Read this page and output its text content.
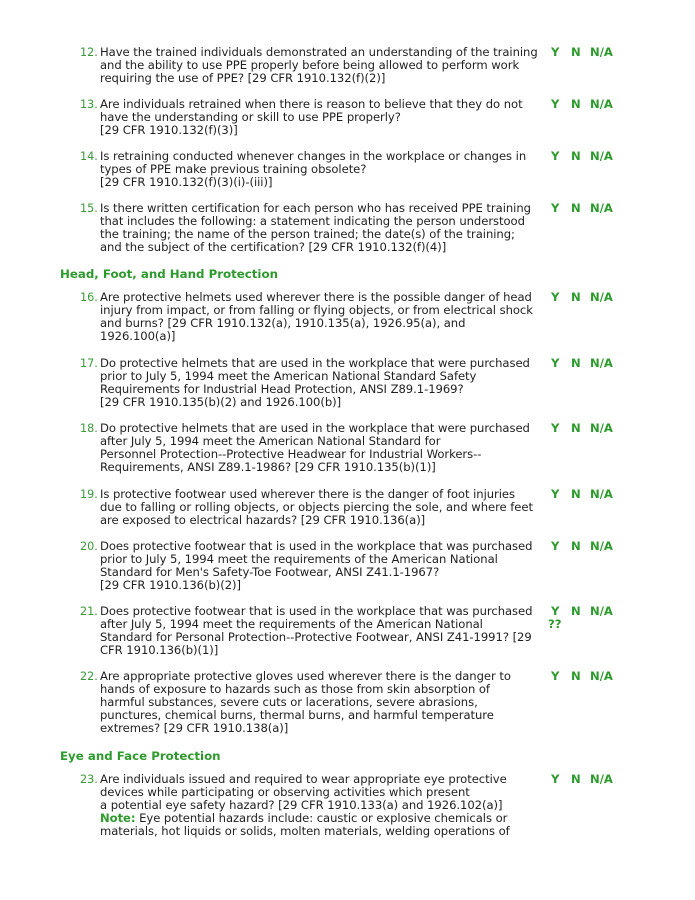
12. Have the trained individuals demonstrated an understanding of the training
and the ability to use PPE properly before being allowed to perform work
requiring the use of PPE? [29 CFR 1910.132(f)(2)]
Y N N/A
13. Are individuals retrained when there is reason to believe that they do not
have the understanding or skill to use PPE properly?
[29 CFR 1910.132(f)(3)]
Y N N/A
14. Is retraining conducted whenever changes in the workplace or changes in
types of PPE make previous training obsolete?
[29 CFR 1910.132(f)(3)(i)-(iii)]
Y N N/A
15. Is there written certification for each person who has received PPE training
that includes the following: a statement indicating the person understood
the training; the name of the person trained; the date(s) of the training;
and the subject of the certification? [29 CFR 1910.132(f)(4)]
Y N N/A
Head, Foot, and Hand Protection
16. Are protective helmets used wherever there is the possible danger of head
injury from impact, or from falling or flying objects, or from electrical shock
and burns? [29 CFR 1910.132(a), 1910.135(a), 1926.95(a), and
1926.100(a)]
Y N N/A
17. Do protective helmets that are used in the workplace that were purchased
prior to July 5, 1994 meet the American National Standard Safety
Requirements for Industrial Head Protection, ANSI Z89.1-1969?
[29 CFR 1910.135(b)(2) and 1926.100(b)]
Y N N/A
18. Do protective helmets that are used in the workplace that were purchased
after July 5, 1994 meet the American National Standard for
Personnel Protection--Protective Headwear for Industrial Workers--
Requirements, ANSI Z89.1-1986? [29 CFR 1910.135(b)(1)]
Y N N/A
19. Is protective footwear used wherever there is the danger of foot injuries
due to falling or rolling objects, or objects piercing the sole, and where feet
are exposed to electrical hazards? [29 CFR 1910.136(a)]
Y N N/A
20. Does protective footwear that is used in the workplace that was purchased
prior to July 5, 1994 meet the requirements of the American National
Standard for Men's Safety-Toe Footwear, ANSI Z41.1-1967?
[29 CFR 1910.136(b)(2)]
Y N N/A
21. Does protective footwear that is used in the workplace that was purchased
after July 5, 1994 meet the requirements of the American National
Standard for Personal Protection--Protective Footwear, ANSI Z41-1991? [29
CFR 1910.136(b)(1)]
Y N N/A
??
22. Are appropriate protective gloves used wherever there is the danger to
hands of exposure to hazards such as those from skin absorption of
harmful substances, severe cuts or lacerations, severe abrasions,
punctures, chemical burns, thermal burns, and harmful temperature
extremes? [29 CFR 1910.138(a)]
Y N N/A
Eye and Face Protection
23. Are individuals issued and required to wear appropriate eye protective
devices while participating or observing activities which present
a potential eye safety hazard? [29 CFR 1910.133(a) and 1926.102(a)]
Note: Eye potential hazards include: caustic or explosive chemicals or
materials, hot liquids or solids, molten materials, welding operations of
Y N N/A
